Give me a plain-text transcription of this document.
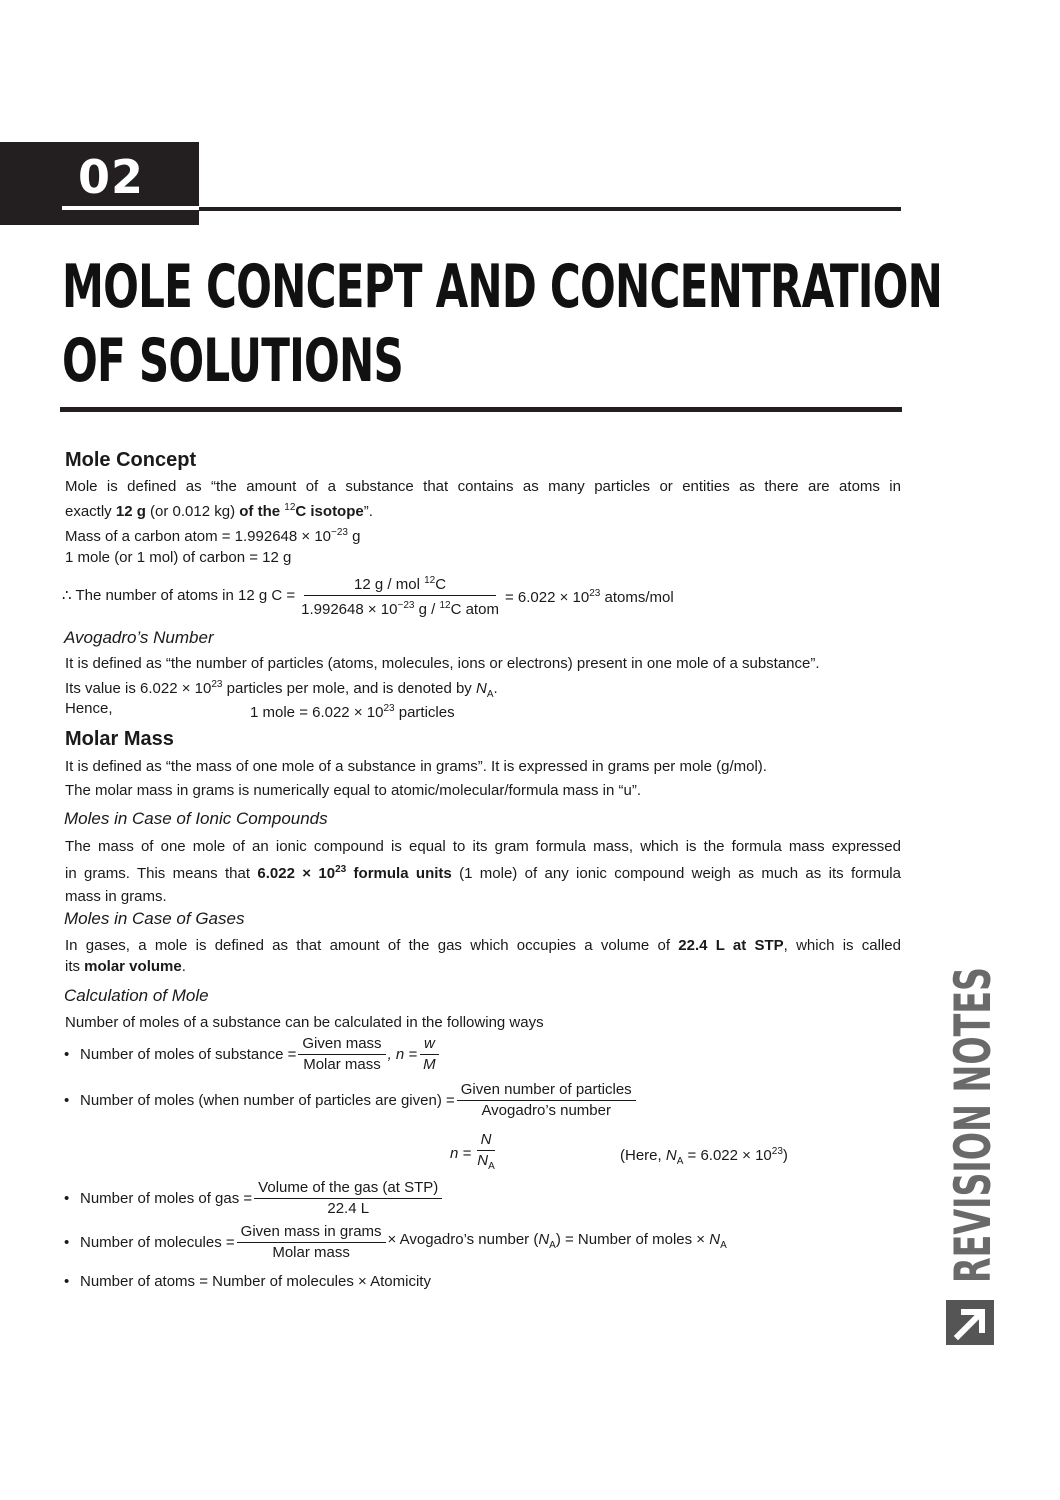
02
MOLE CONCEPT AND CONCENTRATION
OF SOLUTIONS
Mole Concept
Mole is defined as “the amount of a substance that contains as many particles or entities as there are atoms in
exactly 12 g (or 0.012 kg) of the $^{12}$C isotope”.
Mass of a carbon atom = $1.992648 \times 10^{-23}$ g
1 mole (or 1 mol) of carbon = 12 g
∴ The number of atoms in 12 g $C = \frac{12 g / mol ^{12}C}{1.992648 \times 10^{-23} g / ^{12}C atom} = 6.022 \times 10^{23}$ atoms/mol
Avogadro’s Number
It is defined as “the number of particles (atoms, molecules, ions or electrons) present in one mole of a substance”.
Its value is $6.022 \times 10^{23}$ particles per mole, and is denoted by $N_A$.
Hence,	1 mole = $6.022 \times 10^{23}$ particles
Molar Mass
It is defined as “the mass of one mole of a substance in grams”. It is expressed in grams per mole (g/mol).
The molar mass in grams is numerically equal to atomic/molecular/formula mass in “u”.
Moles in Case of Ionic Compounds
The mass of one mole of an ionic compound is equal to its gram formula mass, which is the formula mass expressed
in grams. This means that $6.022 \times 10^{23}$ formula units (1 mole) of any ionic compound weigh as much as its formula
mass in grams.
Moles in Case of Gases
In gases, a mole is defined as that amount of the gas which occupies a volume of 22.4 L at STP, which is called
its molar volume.
Calculation of Mole
Number of moles of a substance can be calculated in the following ways
• Number of moles of substance = $\frac{\text{Given mass}}{\text{Molar mass}}$ , $n = \frac{w}{M}$
• Number of moles (when number of particles are given) = $\frac{\text{Given number of particles}}{\text{Avogadro’s number}}$
$n = \frac{N}{N_A}$	(Here, $N_A = 6.022 \times 10^{23}$)
• Number of moles of gas = $\frac{\text{Volume of the gas (at STP)}}{22.4 L}$
• Number of molecules = $\frac{\text{Given mass in grams}}{\text{Molar mass}}$ × Avogadro’s number $(N_A)$ = Number of moles × $N_A$
• Number of atoms = Number of molecules × Atomicity	REVISION NOTES
